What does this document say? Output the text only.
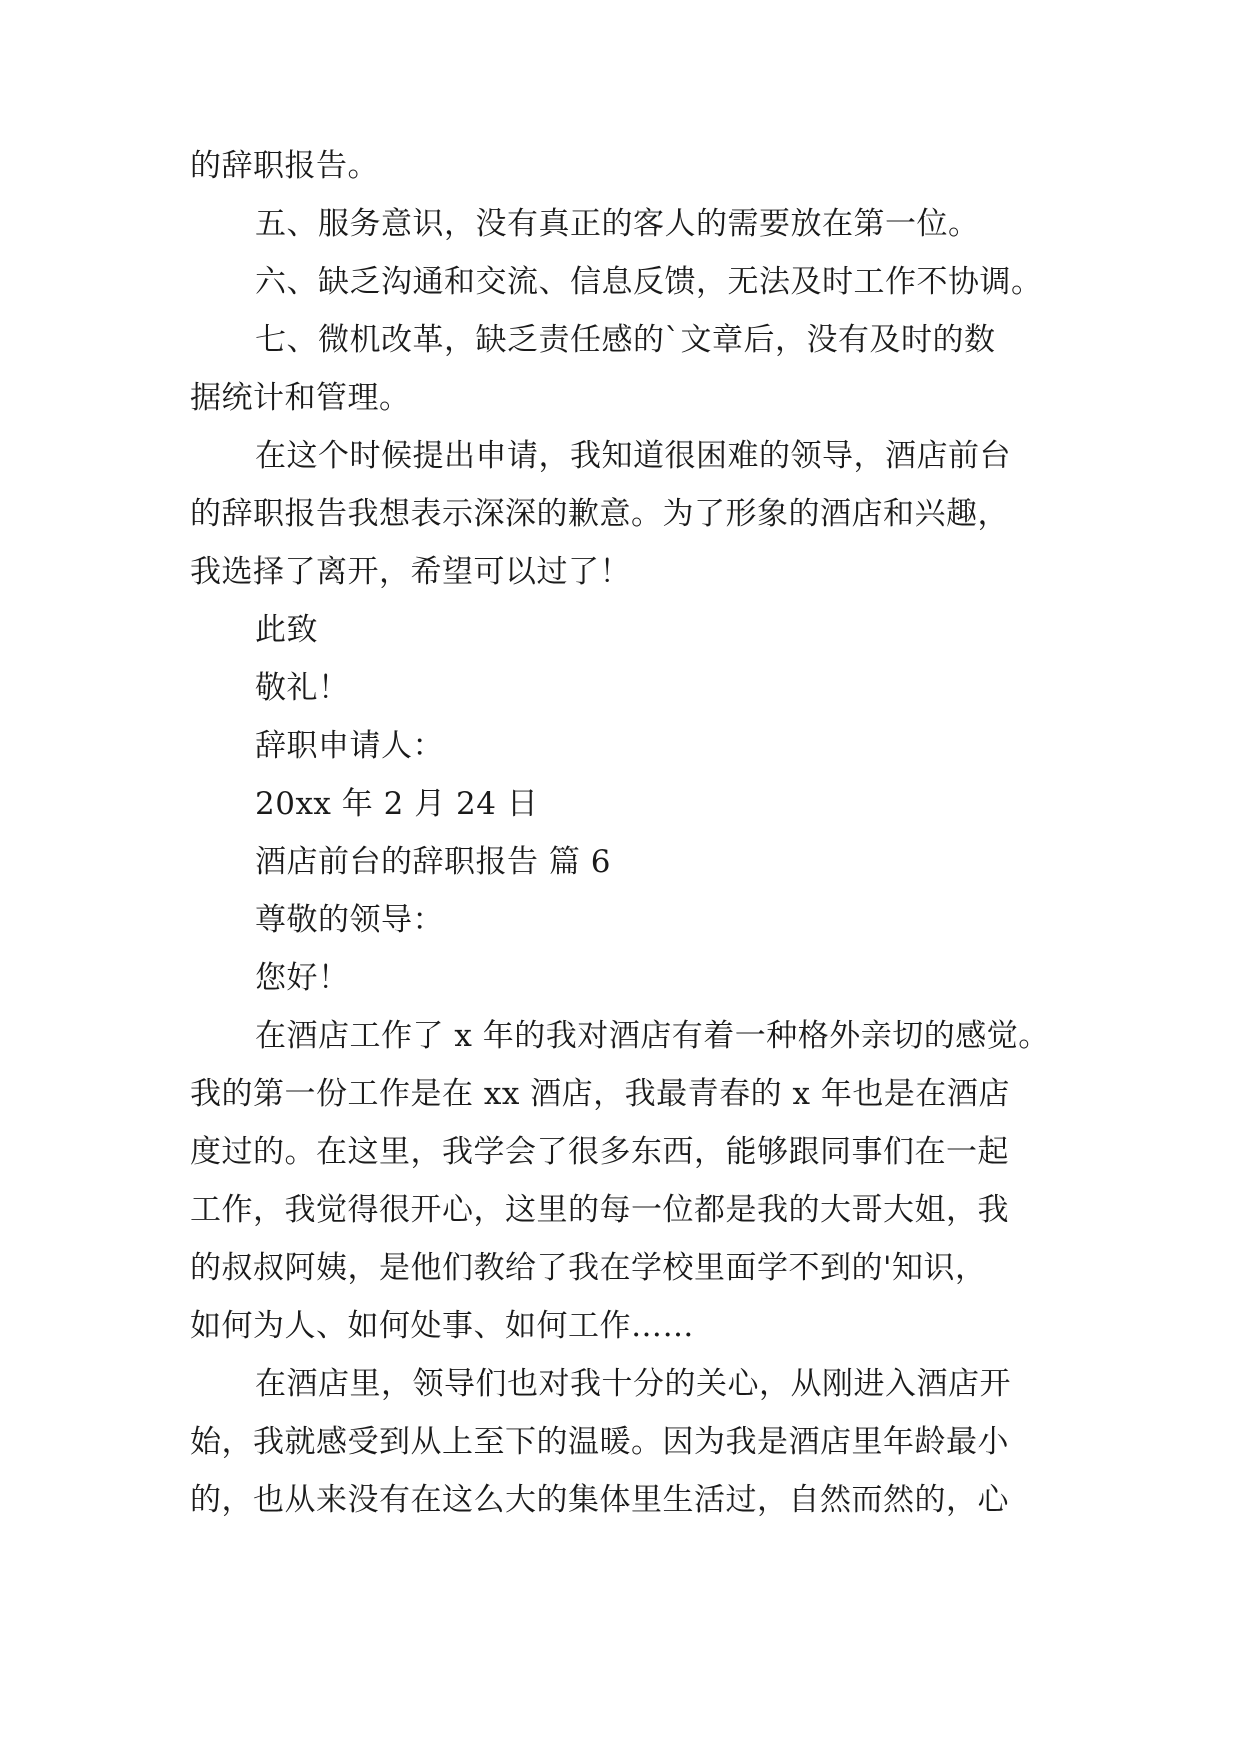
的辞职报告。

五、服务意识，没有真正的客人的需要放在第一位。

六、缺乏沟通和交流、信息反馈，无法及时工作不协调。

七、微机改革，缺乏责任感的`文章后，没有及时的数

据统计和管理。

在这个时候提出申请，我知道很困难的领导，酒店前台

的辞职报告我想表示深深的歉意。为了形象的酒店和兴趣，

我选择了离开，希望可以过了！

此致

敬礼！

辞职申请人：

20xx 年 2 月 24 日

酒店前台的辞职报告 篇 6

尊敬的领导：

您好！

在酒店工作了 x 年的我对酒店有着一种格外亲切的感觉。

我的第一份工作是在 xx 酒店，我最青春的 x 年也是在酒店

度过的。在这里，我学会了很多东西，能够跟同事们在一起

工作，我觉得很开心，这里的每一位都是我的大哥大姐，我

的叔叔阿姨，是他们教给了我在学校里面学不到的'知识，

如何为人、如何处事、如何工作……

在酒店里，领导们也对我十分的关心，从刚进入酒店开

始，我就感受到从上至下的温暖。因为我是酒店里年龄最小

的，也从来没有在这么大的集体里生活过，自然而然的，心
